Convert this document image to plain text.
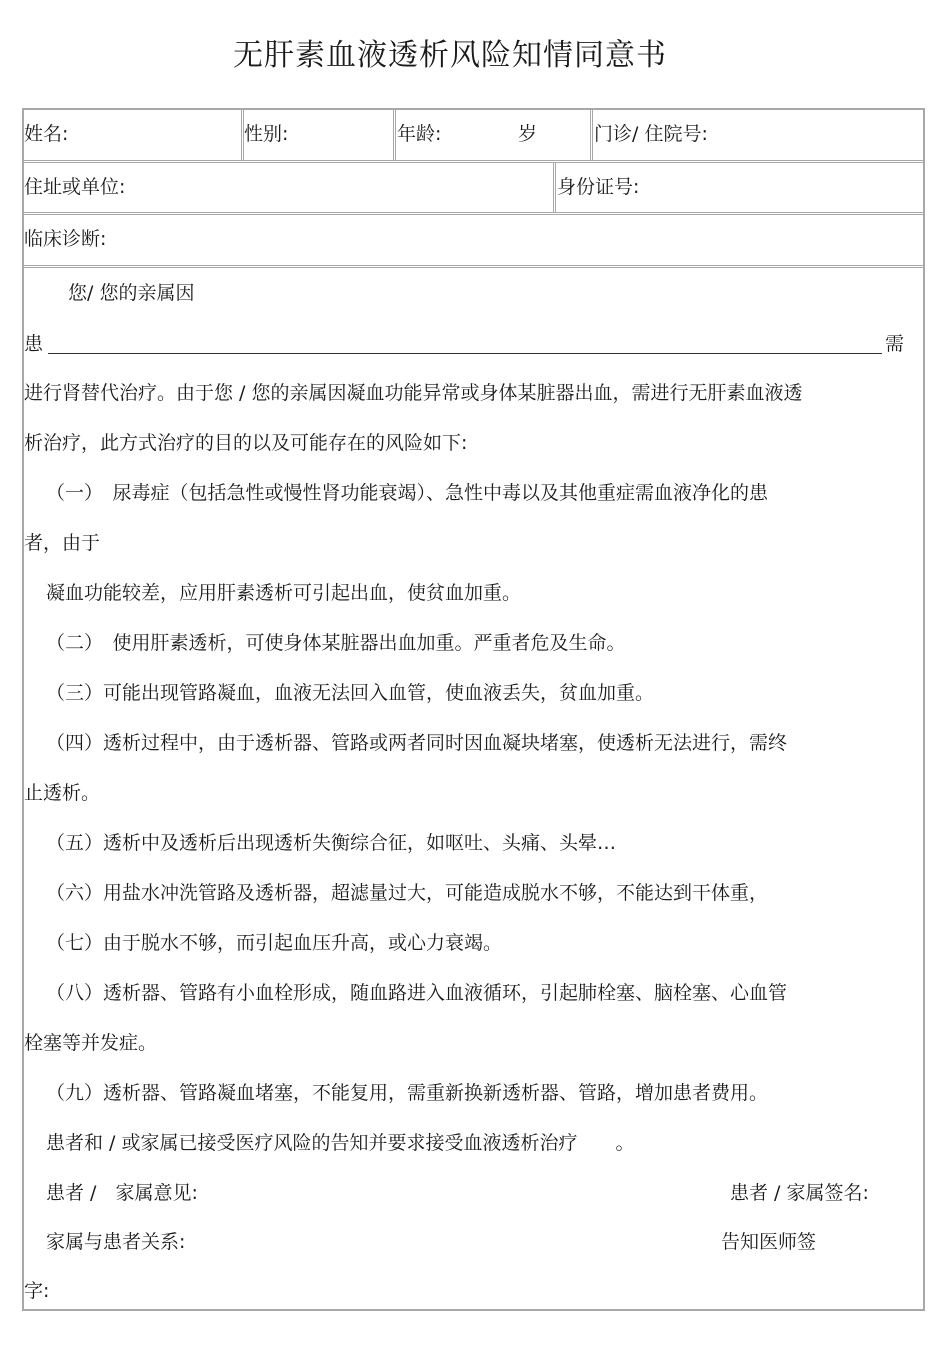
无肝素血液透析风险知情同意书
姓名:	性别:	年龄:	岁	门诊/ 住院号:
住址或单位:	身份证号:
临床诊断:
您/ 您的亲属因
患	需
进行肾替代治疗。由于您 / 您的亲属因凝血功能异常或身体某脏器出血，需进行无肝素血液透
析治疗，此方式治疗的目的以及可能存在的风险如下:
（一）　尿毒症（包括急性或慢性肾功能衰竭）、急性中毒以及其他重症需血液净化的患
者，由于
凝血功能较差，应用肝素透析可引起出血，使贫血加重。
（二）　使用肝素透析，可使身体某脏器出血加重。严重者危及生命。
（三）可能出现管路凝血，血液无法回入血管，使血液丢失，贫血加重。
（四）透析过程中，由于透析器、管路或两者同时因血凝块堵塞，使透析无法进行，需终
止透析。
（五）透析中及透析后出现透析失衡综合征，如呕吐、头痛、头晕…
（六）用盐水冲洗管路及透析器，超滤量过大，可能造成脱水不够，不能达到干体重，
（七）由于脱水不够，而引起血压升高，或心力衰竭。
（八）透析器、管路有小血栓形成，随血路进入血液循环，引起肺栓塞、脑栓塞、心血管
栓塞等并发症。
（九）透析器、管路凝血堵塞，不能复用，需重新换新透析器、管路，增加患者费用。
患者和 / 或家属已接受医疗风险的告知并要求接受血液透析治疗　　。
患者 /　家属意见:	患者 / 家属签名:
家属与患者关系:	告知医师签
字:
